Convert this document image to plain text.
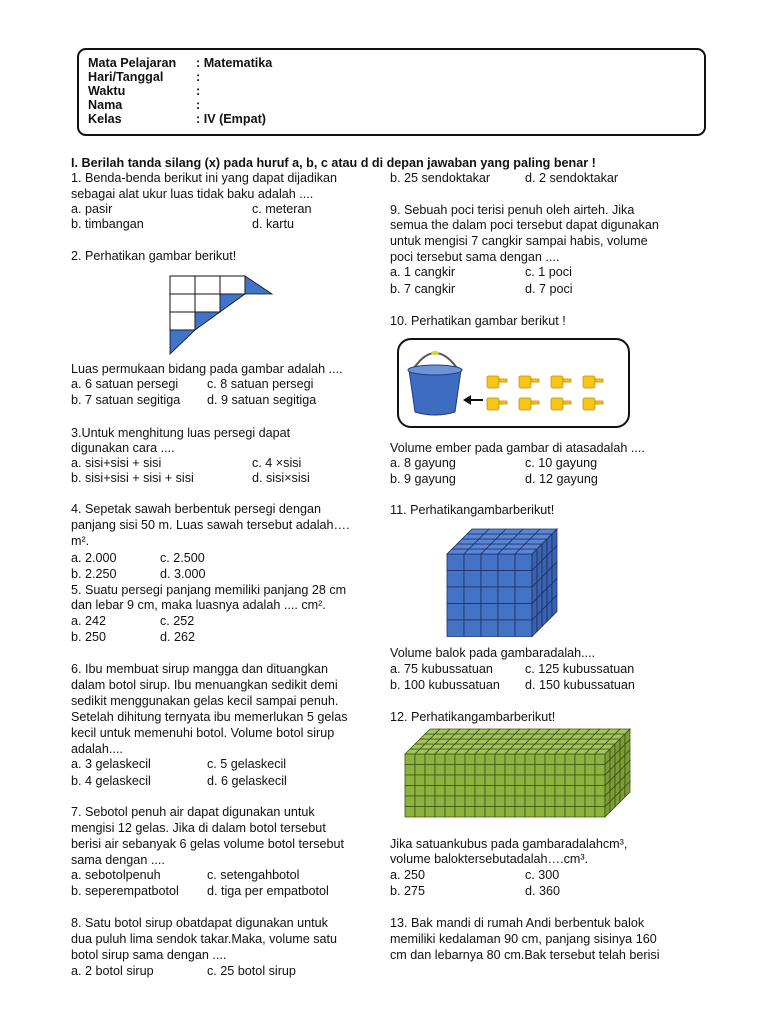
Mata Pelajaran : Matematika
Hari/Tanggal	:
Waktu	:
Nama	:
Kelas	: IV (Empat)
I. Berilah tanda silang (x) pada huruf a, b, c atau d di depan jawaban yang paling benar !
1. Benda-benda berikut ini yang dapat dijadikan
sebagai alat ukur luas tidak baku adalah ....
a. pasir	c. meteran
b. timbangan	d. kartu
2. Perhatikan gambar berikut!
Luas permukaan bidang pada gambar adalah ....
a. 6 satuan persegi c. 8 satuan persegi
b. 7 satuan segitiga d. 9 satuan segitiga
3.Untuk menghitung luas persegi dapat
digunakan cara ....
a. sisi+sisi + sisi	c. 4 ×sisi
b. sisi+sisi + sisi + sisi	d. sisi×sisi
4. Sepetak sawah berbentuk persegi dengan
panjang sisi 50 m. Luas sawah tersebut adalah….
m².
a. 2.000	c. 2.500
b. 2.250	d. 3.000
5. Suatu persegi panjang memiliki panjang 28 cm
dan lebar 9 cm, maka luasnya adalah .... cm².
a. 242	c. 252
b. 250	d. 262
6. Ibu membuat sirup mangga dan dituangkan
dalam botol sirup. Ibu menuangkan sedikit demi
sedikit menggunakan gelas kecil sampai penuh.
Setelah dihitung ternyata ibu memerlukan 5 gelas
kecil untuk memenuhi botol. Volume botol sirup
adalah....
a. 3 gelaskecil	c. 5 gelaskecil
b. 4 gelaskecil	d. 6 gelaskecil
7. Sebotol penuh air dapat digunakan untuk
mengisi 12 gelas. Jika di dalam botol tersebut
berisi air sebanyak 6 gelas volume botol tersebut
sama dengan ....
a. sebotolpenuh	c. setengahbotol
b. seperempatbotol d. tiga per empatbotol
8. Satu botol sirup obatdapat digunakan untuk
dua puluh lima sendok takar.Maka, volume satu
botol sirup sama dengan ....
a. 2 botol sirup	c. 25 botol sirup
b. 25 sendoktakar	d. 2 sendoktakar
9. Sebuah poci terisi penuh oleh airteh. Jika
semua the dalam poci tersebut dapat digunakan
untuk mengisi 7 cangkir sampai habis, volume
poci tersebut sama dengan ....
a. 1 cangkir	c. 1 poci
b. 7 cangkir	d. 7 poci
10. Perhatikan gambar berikut !
Volume ember pada gambar di atasadalah ....
a. 8 gayung	c. 10 gayung
b. 9 gayung	d. 12 gayung
11. Perhatikangambarberikut!
Volume balok pada gambaradalah....
a. 75 kubussatuan	c. 125 kubussatuan
b. 100 kubussatuan d. 150 kubussatuan
12. Perhatikangambarberikut!
Jika satuankubus pada gambaradalahcm³,
volume baloktersebutadalah….cm³.
a. 250	c. 300
b. 275	d. 360
13. Bak mandi di rumah Andi berbentuk balok
memiliki kedalaman 90 cm, panjang sisinya 160
cm dan lebarnya 80 cm.Bak tersebut telah berisi
